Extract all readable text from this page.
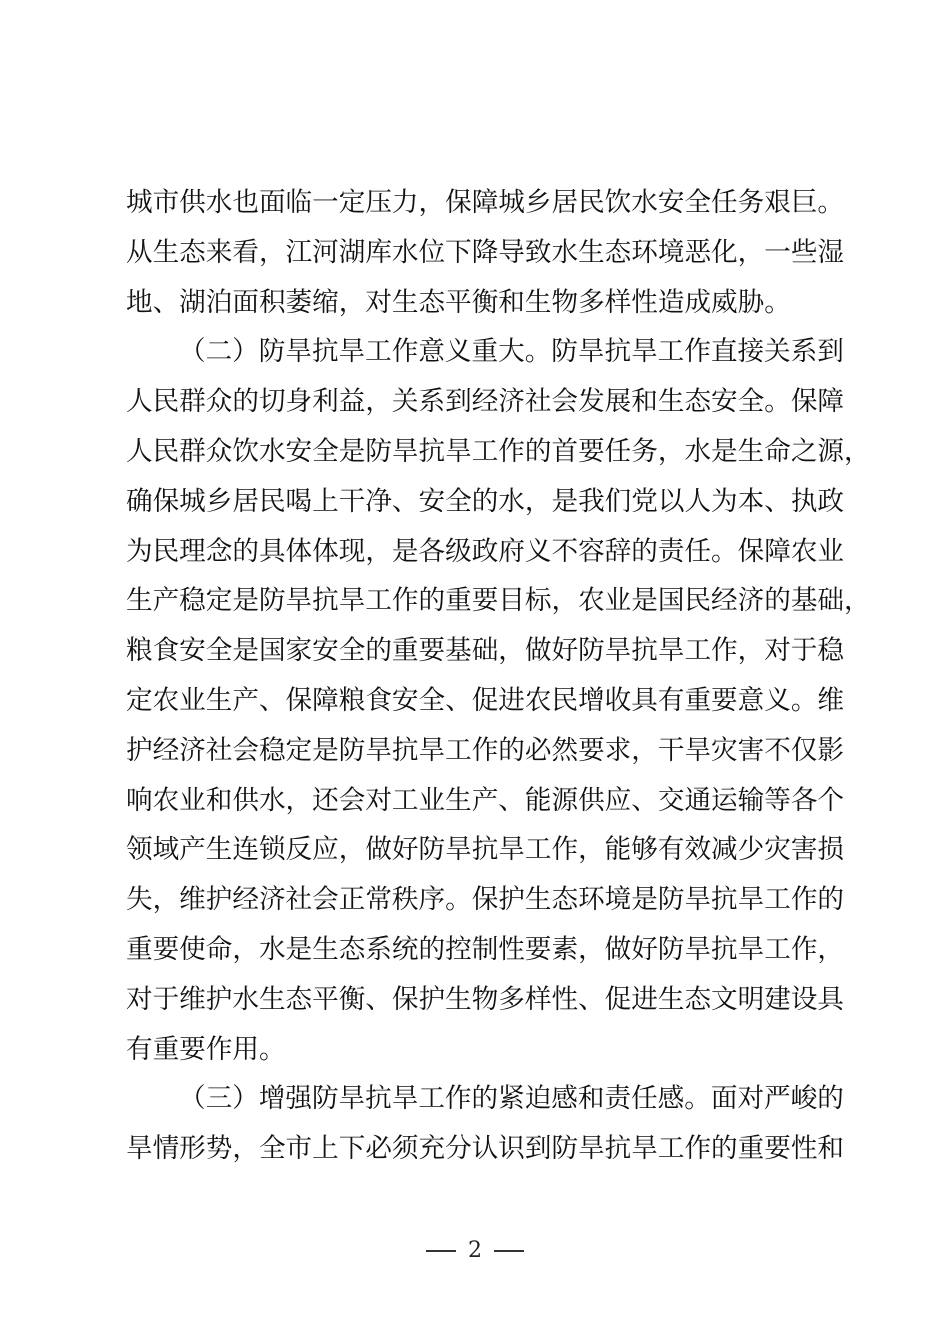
城市供水也面临一定压力，保障城乡居民饮水安全任务艰巨。
从生态来看，江河湖库水位下降导致水生态环境恶化，一些湿
地、湖泊面积萎缩，对生态平衡和生物多样性造成威胁。
（二）防旱抗旱工作意义重大。防旱抗旱工作直接关系到
人民群众的切身利益，关系到经济社会发展和生态安全。保障
人民群众饮水安全是防旱抗旱工作的首要任务，水是生命之源，
确保城乡居民喝上干净、安全的水，是我们党以人为本、执政
为民理念的具体体现，是各级政府义不容辞的责任。保障农业
生产稳定是防旱抗旱工作的重要目标，农业是国民经济的基础，
粮食安全是国家安全的重要基础，做好防旱抗旱工作，对于稳
定农业生产、保障粮食安全、促进农民增收具有重要意义。维
护经济社会稳定是防旱抗旱工作的必然要求，干旱灾害不仅影
响农业和供水，还会对工业生产、能源供应、交通运输等各个
领域产生连锁反应，做好防旱抗旱工作，能够有效减少灾害损
失，维护经济社会正常秩序。保护生态环境是防旱抗旱工作的
重要使命，水是生态系统的控制性要素，做好防旱抗旱工作，
对于维护水生态平衡、保护生物多样性、促进生态文明建设具
有重要作用。
（三）增强防旱抗旱工作的紧迫感和责任感。面对严峻的
旱情形势，全市上下必须充分认识到防旱抗旱工作的重要性和
2
